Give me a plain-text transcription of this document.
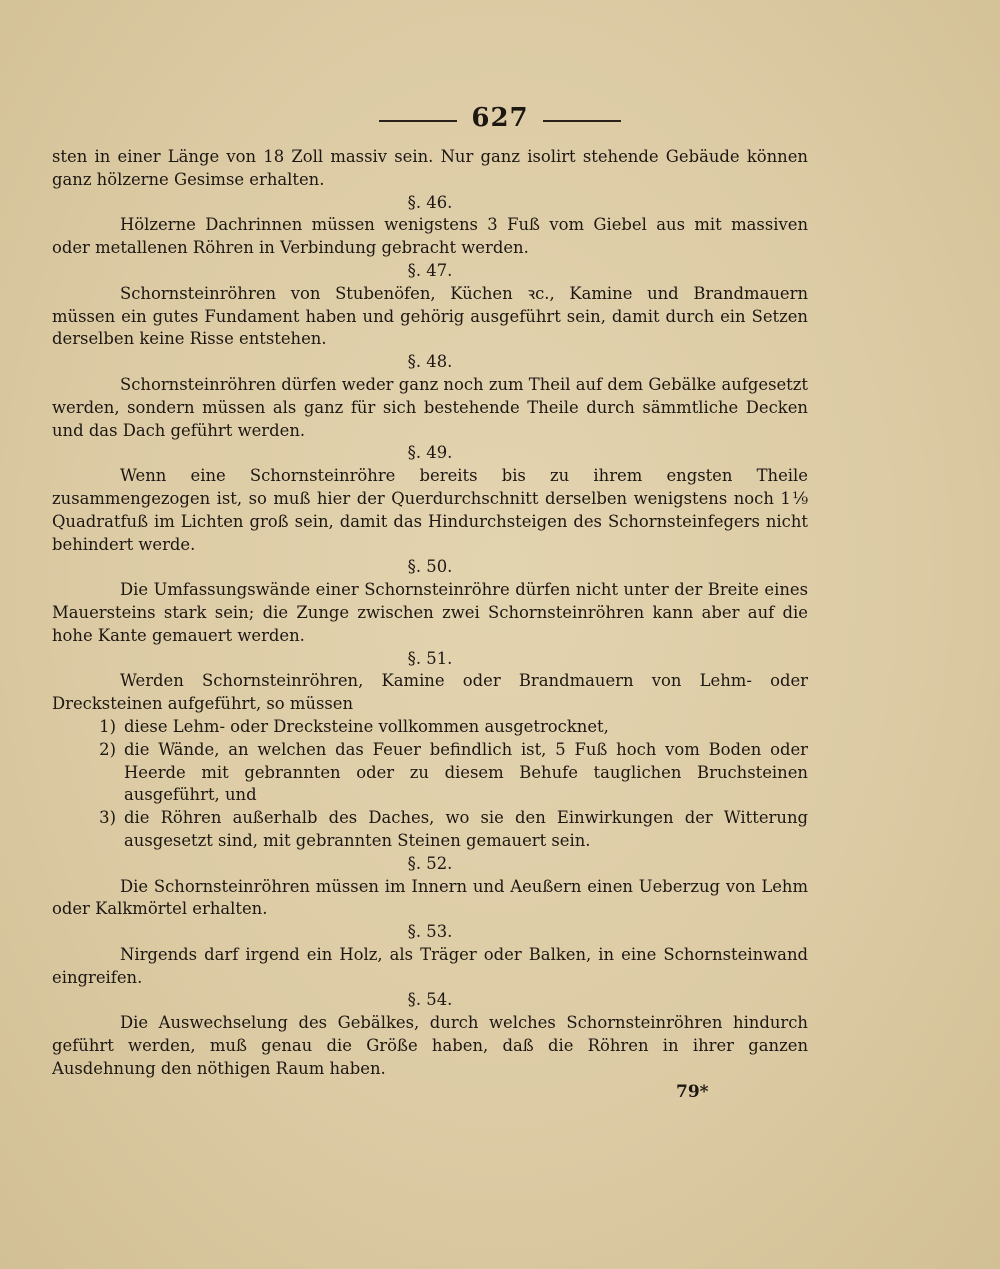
627

sten in einer Länge von 18 Zoll massiv sein. Nur ganz isolirt stehende Gebäude können ganz hölzerne Gesimse erhalten.

§. 46.

Hölzerne Dachrinnen müssen wenigstens 3 Fuß vom Giebel aus mit massiven oder metallenen Röhren in Verbindung gebracht werden.

§. 47.

Schornsteinröhren von Stubenöfen, Küchen ꝛc., Kamine und Brandmauern müssen ein gutes Fundament haben und gehörig ausgeführt sein, damit durch ein Setzen derselben keine Risse entstehen.

§. 48.

Schornsteinröhren dürfen weder ganz noch zum Theil auf dem Gebälke aufgesetzt werden, sondern müssen als ganz für sich bestehende Theile durch sämmtliche Decken und das Dach geführt werden.

§. 49.

Wenn eine Schornsteinröhre bereits bis zu ihrem engsten Theile zusammengezogen ist, so muß hier der Querdurchschnitt derselben wenigstens noch 1⅑ Quadratfuß im Lichten groß sein, damit das Hindurchsteigen des Schornsteinfegers nicht behindert werde.

§. 50.

Die Umfassungswände einer Schornsteinröhre dürfen nicht unter der Breite eines Mauersteins stark sein; die Zunge zwischen zwei Schornsteinröhren kann aber auf die hohe Kante gemauert werden.

§. 51.

Werden Schornsteinröhren, Kamine oder Brandmauern von Lehm- oder Drecksteinen aufgeführt, so müssen

1) diese Lehm- oder Drecksteine vollkommen ausgetrocknet,
2) die Wände, an welchen das Feuer befindlich ist, 5 Fuß hoch vom Boden oder Heerde mit gebrannten oder zu diesem Behufe tauglichen Bruchsteinen ausgeführt, und
3) die Röhren außerhalb des Daches, wo sie den Einwirkungen der Witterung ausgesetzt sind, mit gebrannten Steinen gemauert sein.
§. 52.

Die Schornsteinröhren müssen im Innern und Aeußern einen Ueberzug von Lehm oder Kalkmörtel erhalten.

§. 53.

Nirgends darf irgend ein Holz, als Träger oder Balken, in eine Schornsteinwand eingreifen.

§. 54.

Die Auswechselung des Gebälkes, durch welches Schornsteinröhren hindurch geführt werden, muß genau die Größe haben, daß die Röhren in ihrer ganzen Ausdehnung den nöthigen Raum haben.

79*
